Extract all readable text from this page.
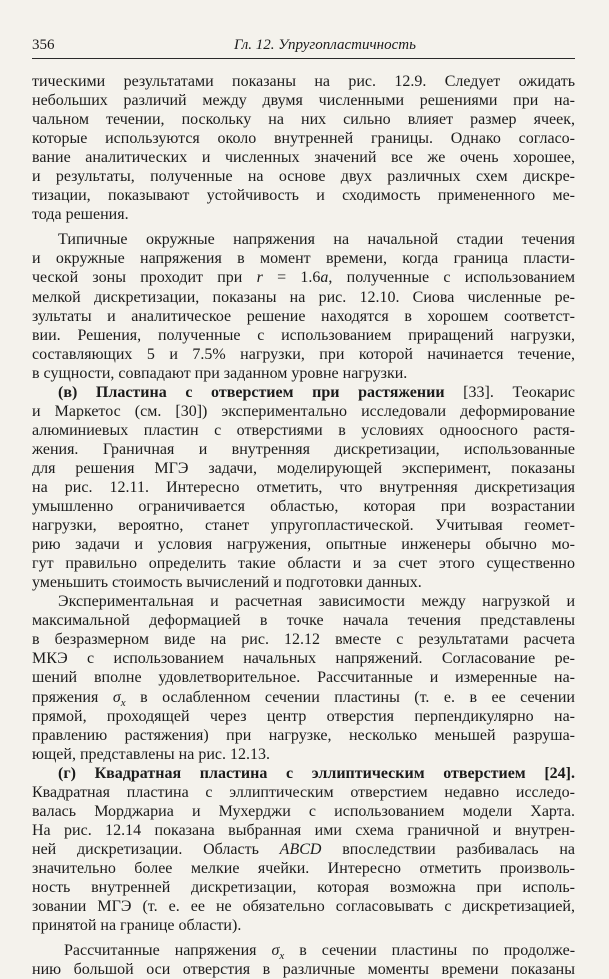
356	Гл. 12. Упругопластичность
тическими результатами показаны на рис. 12.9. Следует ожидать
небольших различий между двумя численными решениями при на-
чальном течении, поскольку на них сильно влияет размер ячеек,
которые используются около внутренней границы. Однако согласо-
вание аналитических и численных значений все же очень хорошее,
и результаты, полученные на основе двух различных схем дискре-
тизации, показывают устойчивость и сходимость примененного ме-
тода решения.
Типичные окружные напряжения на начальной стадии течения
и окружные напряжения в момент времени, когда граница пласти-
ческой зоны проходит при r = 1.6a, полученные с использованием
мелкой дискретизации, показаны на рис. 12.10. Сиова численные ре-
зультаты и аналитическое решение находятся в хорошем соответст-
вии. Решения, полученные с использованием приращений нагрузки,
составляющих 5 и 7.5% нагрузки, при которой начинается течение,
в сущности, совпадают при заданном уровне нагрузки.
(в) Пластина с отверстием при растяжении [33]. Теокарис
и Маркетос (см. [30]) экспериментально исследовали деформирование
алюминиевых пластин с отверстиями в условиях одноосного растя-
жения. Граничная и внутренняя дискретизации, использованные
для решения МГЭ задачи, моделирующей эксперимент, показаны
на рис. 12.11. Интересно отметить, что внутренняя дискретизация
умышленно ограничивается областью, которая при возрастании
нагрузки, вероятно, станет упругопластической. Учитывая геомет-
рию задачи и условия нагружения, опытные инженеры обычно мо-
гут правильно определить такие области и за счет этого существенно
уменьшить стоимость вычислений и подготовки данных.
Экспериментальная и расчетная зависимости между нагрузкой и
максимальной деформацией в точке начала течения представлены
в безразмерном виде на рис. 12.12 вместе с результатами расчета
МКЭ с использованием начальных напряжений. Согласование ре-
шений вполне удовлетворительное. Рассчитанные и измеренные на-
пряжения $\sigma_x$ в ослабленном сечении пластины (т. е. в ее сечении
прямой, проходящей через центр отверстия перпендикулярно на-
правлению растяжения) при нагрузке, несколько меньшей разруша-
ющей, представлены на рис. 12.13.
(г) Квадратная пластина с эллиптическим отверстием [24].
Квадратная пластина с эллиптическим отверстием недавно исследо-
валась Морджариа и Мухерджи с использованием модели Харта.
На рис. 12.14 показана выбранная ими схема граничной и внутрен-
ней дискретизации. Область ABCD впоследствии разбивалась на
значительно более мелкие ячейки. Интересно отметить произволь-
ность внутренней дискретизации, которая возможна при исполь-
зовании МГЭ (т. е. ее не обязательно согласовывать с дискретизацией,
принятой на границе области).
Рассчитанные напряжения $\sigma_x$ в сечении пластины по продолже-
нию большой оси отверстия в различные моменты времени показаны
